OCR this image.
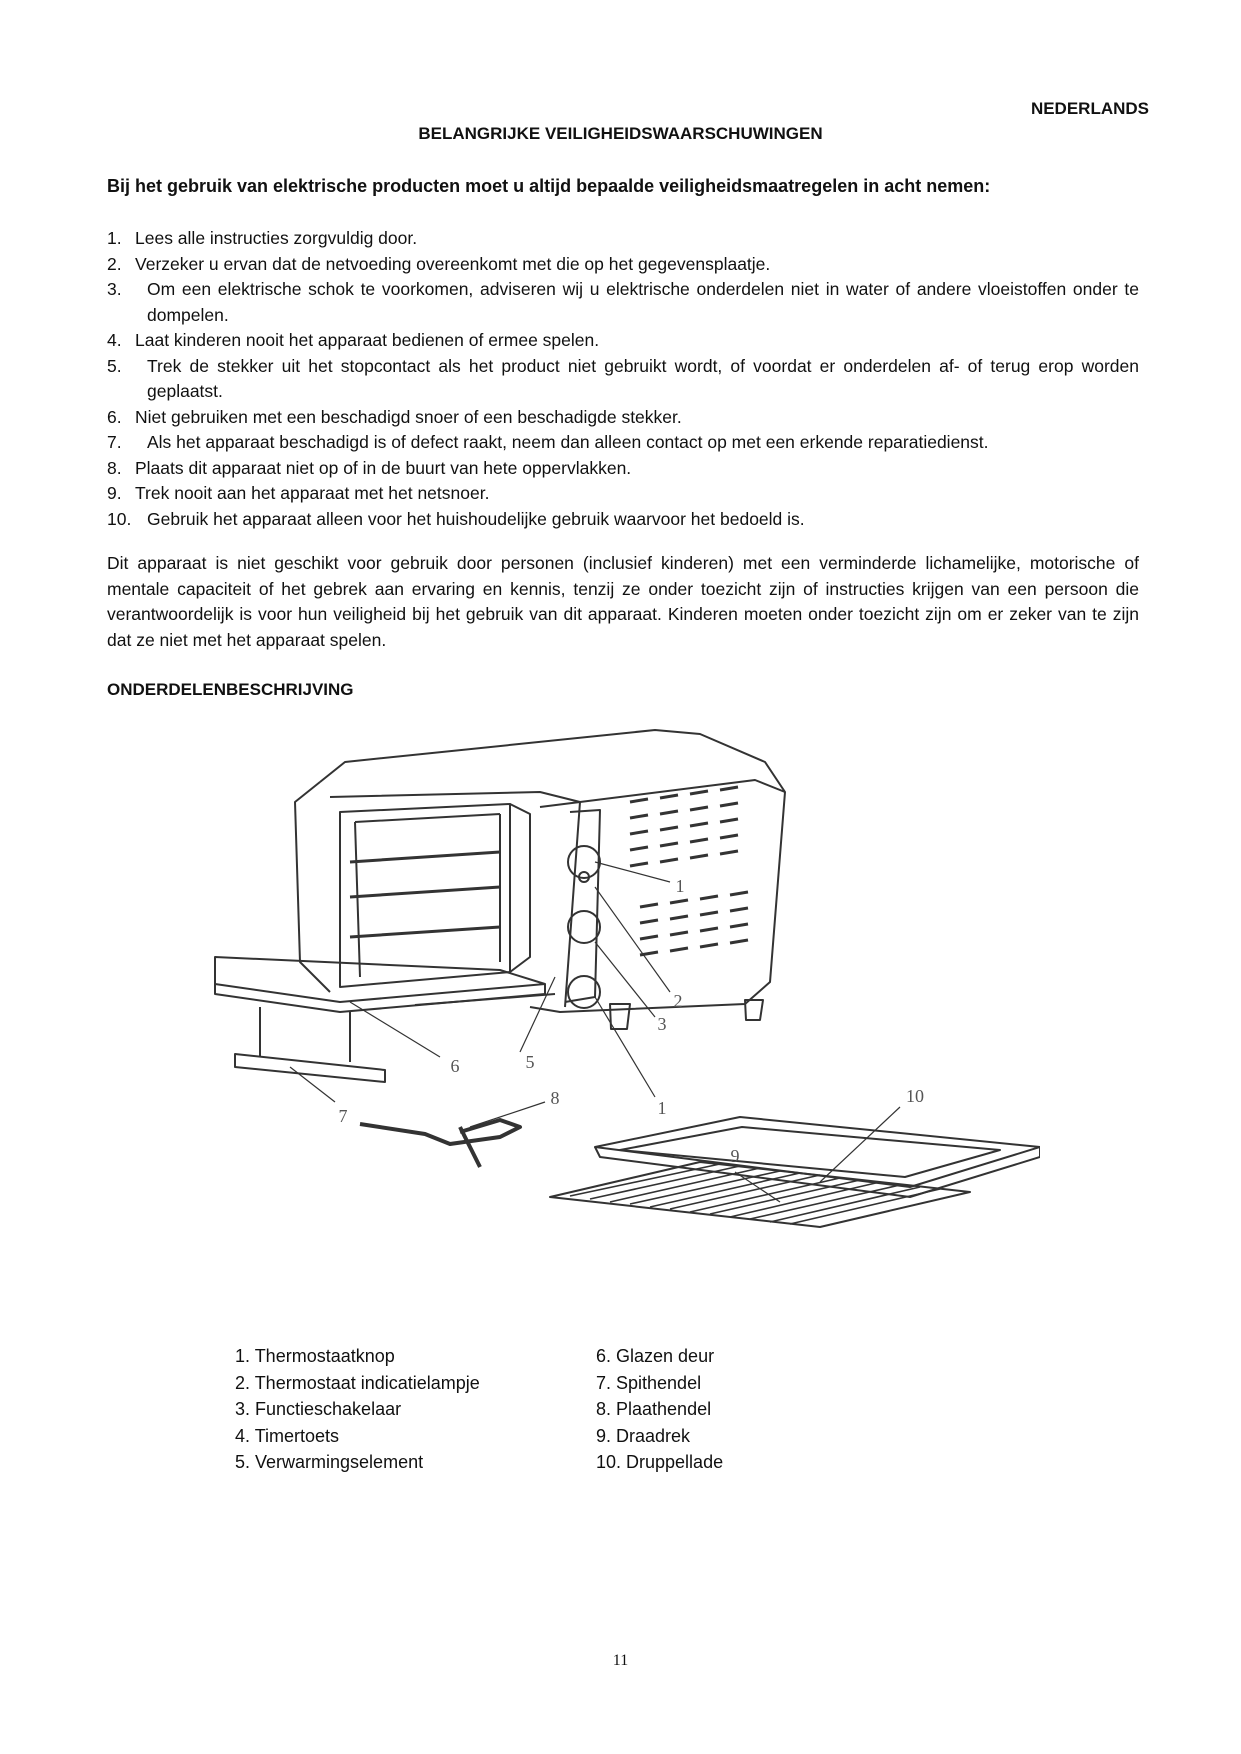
NEDERLANDS
BELANGRIJKE VEILIGHEIDSWAARSCHUWINGEN
Bij het gebruik van elektrische producten moet u altijd bepaalde veiligheidsmaatregelen in acht nemen:
1. Lees alle instructies zorgvuldig door.
2. Verzeker u ervan dat de netvoeding overeenkomt met die op het gegevensplaatje.
3.	Om een elektrische schok te voorkomen, adviseren wij u elektrische onderdelen niet in water of andere vloeistoffen onder te dompelen.
4. Laat kinderen nooit het apparaat bedienen of ermee spelen.
5.	Trek de stekker uit het stopcontact als het product niet gebruikt wordt, of voordat er onderdelen af- of terug erop worden geplaatst.
6. Niet gebruiken met een beschadigd snoer of een beschadigde stekker.
7.	Als het apparaat beschadigd is of defect raakt, neem dan alleen contact op met een erkende reparatiedienst.
8. Plaats dit apparaat niet op of in de buurt van hete oppervlakken.
9. Trek nooit aan het apparaat met het netsnoer.
10. Gebruik het apparaat alleen voor het huishoudelijke gebruik waarvoor het bedoeld is.

Dit apparaat is niet geschikt voor gebruik door personen (inclusief kinderen) met een verminderde lichamelijke, motorische of mentale capaciteit of het gebrek aan ervaring en kennis, tenzij ze onder toezicht zijn of instructies krijgen van een persoon die verantwoordelijk is voor hun veiligheid bij het gebruik van dit apparaat. Kinderen moeten onder toezicht zijn om er zeker van te zijn dat ze niet met het apparaat spelen.

ONDERDELENBESCHRIJVING
1
2
3
1
5
6
7
8
9
10
1. Thermostaatknop
2. Thermostaat indicatielampje
3. Functieschakelaar
4. Timertoets
5. Verwarmingselement
6. Glazen deur
7. Spithendel
8. Plaathendel
9. Draadrek
10. Druppellade
11
